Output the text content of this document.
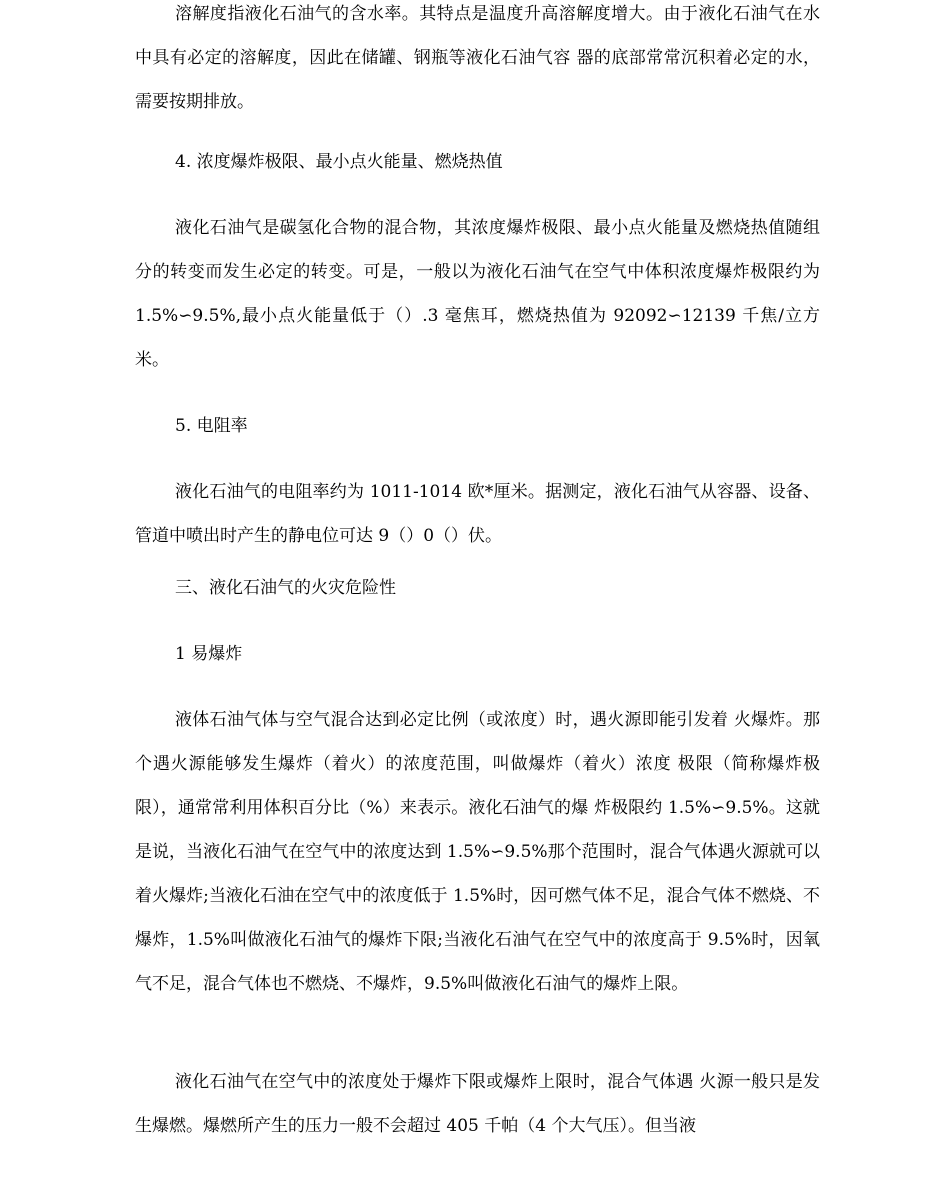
溶解度指液化石油气的含水率。其特点是温度升高溶解度增大。由于液化石油气在水中具有必定的溶解度，因此在储罐、钢瓶等液化石油气容 器的底部常常沉积着必定的水，需要按期排放。

4. 浓度爆炸极限、最小点火能量、燃烧热值

液化石油气是碳氢化合物的混合物，其浓度爆炸极限、最小点火能量及燃烧热值随组分的转变而发生必定的转变。可是，一般以为液化石油气在空气中体积浓度爆炸极限约为 1.5%∽9.5%,最小点火能量低于（）.3 毫焦耳，燃烧热值为 92092∽12139 千焦/立方米。

5. 电阻率

液化石油气的电阻率约为 1011-1014 欧*厘米。据测定，液化石油气从容器、设备、管道中喷出时产生的静电位可达 9（）0（）伏。

三、液化石油气的火灾危险性

1 易爆炸

液体石油气体与空气混合达到必定比例（或浓度）时，遇火源即能引发着 火爆炸。那个遇火源能够发生爆炸（着火）的浓度范围，叫做爆炸（着火）浓度 极限（简称爆炸极限），通常常利用体积百分比（%）来表示。液化石油气的爆 炸极限约 1.5%∽9.5%。这就是说，当液化石油气在空气中的浓度达到 1.5%∽9.5%那个范围时，混合气体遇火源就可以着火爆炸;当液化石油在空气中的浓度低于 1.5%时，因可燃气体不足，混合气体不燃烧、不爆炸，1.5%叫做液化石油气的爆炸下限;当液化石油气在空气中的浓度高于 9.5%时，因氧气不足，混合气体也不燃烧、不爆炸，9.5%叫做液化石油气的爆炸上限。

液化石油气在空气中的浓度处于爆炸下限或爆炸上限时，混合气体遇 火源一般只是发生爆燃。爆燃所产生的压力一般不会超过 405 千帕（4 个大气压）。但当液
